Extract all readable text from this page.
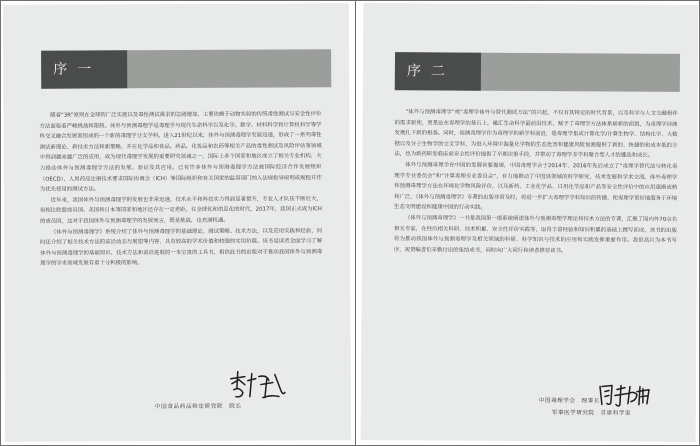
序一

随着“3R”原则在全球的广泛实施以及毒性测试需求的急剧增加，主要依赖于动物实验的传统毒性测试与安全性评价方法面临着严峻挑战和限制。体外与预测毒理学是毒理学与现代生命科学以及化学、数学、材料科学和计算机科学等学科交叉融合发展而形成的一个新的毒理学分支学科。进入21世纪以来，体外与预测毒理学发展迅速，形成了一系列毒性测试新理论、新技术方法和新策略，并在化学品和食品、药品、化妆品和农药等相关产品的毒性测试及风险评估等领域中得到越来越广泛的应用，成为现代毒理学发展的重要研究领域之一，国际上多个国家和地区成立了相关专业机构，大力推动体外与预测毒理学方法的发展、验证及其应用。已有许多体外与预测毒理学方法被国际经济合作发展组织（OECD）、人用药品注册技术要求国际协调会（ICH）等国际组织和有关国家的监管部门纳入法规指导原则或规程并作为优先使用的测试方法。

近年来，我国体外与预测毒理学的发展也非常迅速，技术水平和科技实力得到显著提升，专业人才队伍不断壮大，但相比欧盟成员国、美国和日本等国家和地区还存在一定差距。在全球化和信息化的时代，2017年，我国正式成为ICH的成员国，这对于我国体外与预测毒理学的发展而言，既是挑战，也充满机遇。

《体外与预测毒理学》系统介绍了体外与预测毒理学的基础理论、测试策略、技术方法，以及应用实践和经验，同时还介绍了相关技术方法的前沿动态与展望等内容，具有较高的学术价值和较强的实用价值。该书是读者全面学习了解体外与预测毒理学的基础知识、技术方法和前沿进展的一本宝贵的工具书，相信此书的出版对于推动我国体外与预测毒理学的学术领域发展有着十分积极的影响。

中国食品药品检定研究院　院长
序二

“体外与预测毒理学”或“毒理学体外与替代测试方法”的兴起，不仅有其特定的时代背景，以及科学与人文交融相伴的需求驱使，更是站在毒理学的基石上，融汇生命科学最前沿技术，赋予了毒理学方法体系崭新的面貌，为毒理学持续发展扎下新的根基。同时，预测毒理学作为毒理学的新学科前沿，是毒理学集成计算化学/计算生物学、结构化学、大数据以及分子生物学的交叉学科，为进入环境中海量化学物的生态危害和健康风险预测提供了新的、快捷的和成本低的方法，也为新药研发临床前安全性评价提供了早期决策手段，并带动了毒理学多学科聚合型人才的遴选和成长。

体外与预测毒理学在中国的发展首要提速，中国毒理学会于2014年、2016年先后成立了“毒理学替代法与转化毒理学专业委员会”和“计算毒理专业委员会”，有力地推动了中国该领域的科学研究，技术发展和学术交流。体外毒理学和预测毒理学方法在环境化学物风险评价，以及新药、工业化学品、日用化学品和产品等安全性评价中的应用逐渐成熟和广泛，《体外与预测毒理学》专著的出版非常及时，将进一步扩大毒理学学科知识的传播，使毒理学更好地服务于环境生态文明建设和健康中国的行动实践。

《体外与预测毒理学》一书是我国第一部系统阐述体外与预测毒理学理论和技术方法的专著，汇聚了国内外70余名相关专家，在经历相关科研、技术积累、安全性评价实践等，取得丰富经验和知识积累的基础上撰写而成，该书的出版将为推动我国体外与预测毒理学及相关领域的科研、科学知识与技术的应用和实践发挥重要作用。我很高兴为本书写序，祝贺编者们辛勤付出的集结成书，同时向广大同行和读者推荐该书。

中国毒理学会　理事长
军事医学研究院　首席科学家
